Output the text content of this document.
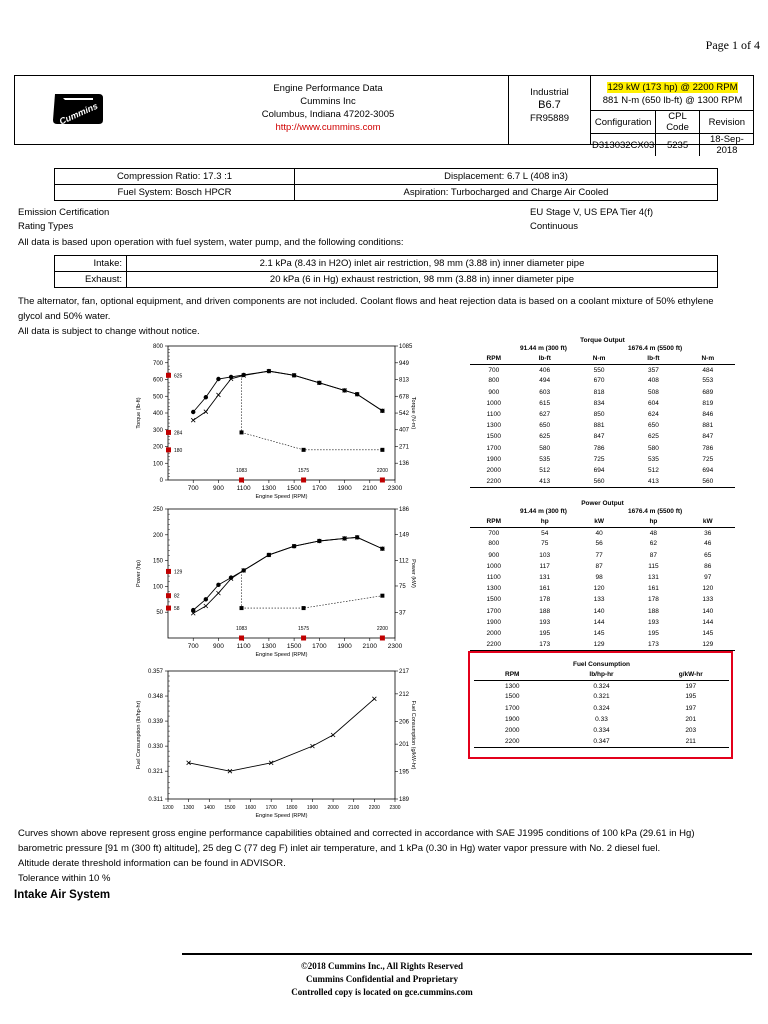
Page 1 of 4
Cummins
Engine Performance Data
Cummins Inc
Columbus, Indiana 47202-3005
http://www.cummins.com
Industrial
B6.7
FR95889
129 kW (173 hp) @ 2200 RPM
881 N-m (650 lb-ft) @ 1300 RPM
Configuration	CPL Code	Revision
D313032CX03	5235	18-Sep-2018
Compression Ratio: 17.3 :1	Displacement: 6.7 L (408 in3)
Fuel System: Bosch HPCR	Aspiration: Turbocharged and Charge Air Cooled
Emission Certification	EU Stage V, US EPA Tier 4(f)
Rating Types	Continuous
All data is based upon operation with fuel system, water pump, and the following conditions:
Intake:	2.1 kPa (8.43 in H2O) inlet air restriction, 98 mm (3.88 in) inner diameter pipe
Exhaust:	20 kPa (6 in Hg) exhaust restriction, 98 mm (3.88 in) inner diameter pipe
The alternator, fan, optional equipment, and driven components are not included. Coolant flows and heat rejection data is based on a coolant mixture of 50% ethylene
glycol and 50% water.
All data is subject to change without notice.
0
100
200
300
400
500
600
700
800
136
271
407
542
678
813
949
1085
700 900 1100 1300 1500 1700 1900 2100 2300
Engine Speed (RPM)
Torque (lb-ft)	Torque (N-m)
625
284
180
1083	1575	2200
50
100
150
200
250
37
75
112
149
186
700 900 1100 1300 1500 1700 1900 2100 2300
Engine Speed (RPM)
Power (hp)	Power (kW)
129
82
58
1083	1575	2200
0.311
0.321
0.330
0.339
0.348
0.357
189
195
201
206
212
217
1200 1300 1400 1500 1600 1700 1800 1900 2000 2100 2200 2300
Engine Speed (RPM)
Fuel Consumption (lb/hp-hr)	Fuel Consumption (g/kW-hr)
Torque Output
91.44 m (300 ft)	1676.4 m (5500 ft)
RPM	lb-ft	N-m	lb-ft	N-m
700	406	550	357	484
800	494	670	408	553
900	603	818	508	689
1000	615	834	604	819
1100	627	850	624	846
1300	650	881	650	881
1500	625	847	625	847
1700	580	786	580	786
1900	535	725	535	725
2000	512	694	512	694
2200	413	560	413	560
Power Output
91.44 m (300 ft)	1676.4 m (5500 ft)
RPM	hp	kW	hp	kW
700	54	40	48	36
800	75	56	62	46
900	103	77	87	65
1000	117	87	115	86
1100	131	98	131	97
1300	161	120	161	120
1500	178	133	178	133
1700	188	140	188	140
1900	193	144	193	144
2000	195	145	195	145
2200	173	129	173	129
Fuel Consumption
RPM	lb/hp-hr	g/kW-hr
1300	0.324	197
1500	0.321	195
1700	0.324	197
1900	0.33	201
2000	0.334	203
2200	0.347	211
Curves shown above represent gross engine performance capabilities obtained and corrected in accordance with SAE J1995 conditions of 100 kPa (29.61 in Hg)
barometric pressure [91 m (300 ft) altitude], 25 deg C (77 deg F) inlet air temperature, and 1 kPa (0.30 in Hg) water vapor pressure with No. 2 diesel fuel.
Altitude derate threshold information can be found in ADVISOR.
Tolerance within 10 %
Intake Air System
©2018 Cummins Inc., All Rights Reserved
Cummins Confidential and Proprietary
Controlled copy is located on gce.cummins.com
